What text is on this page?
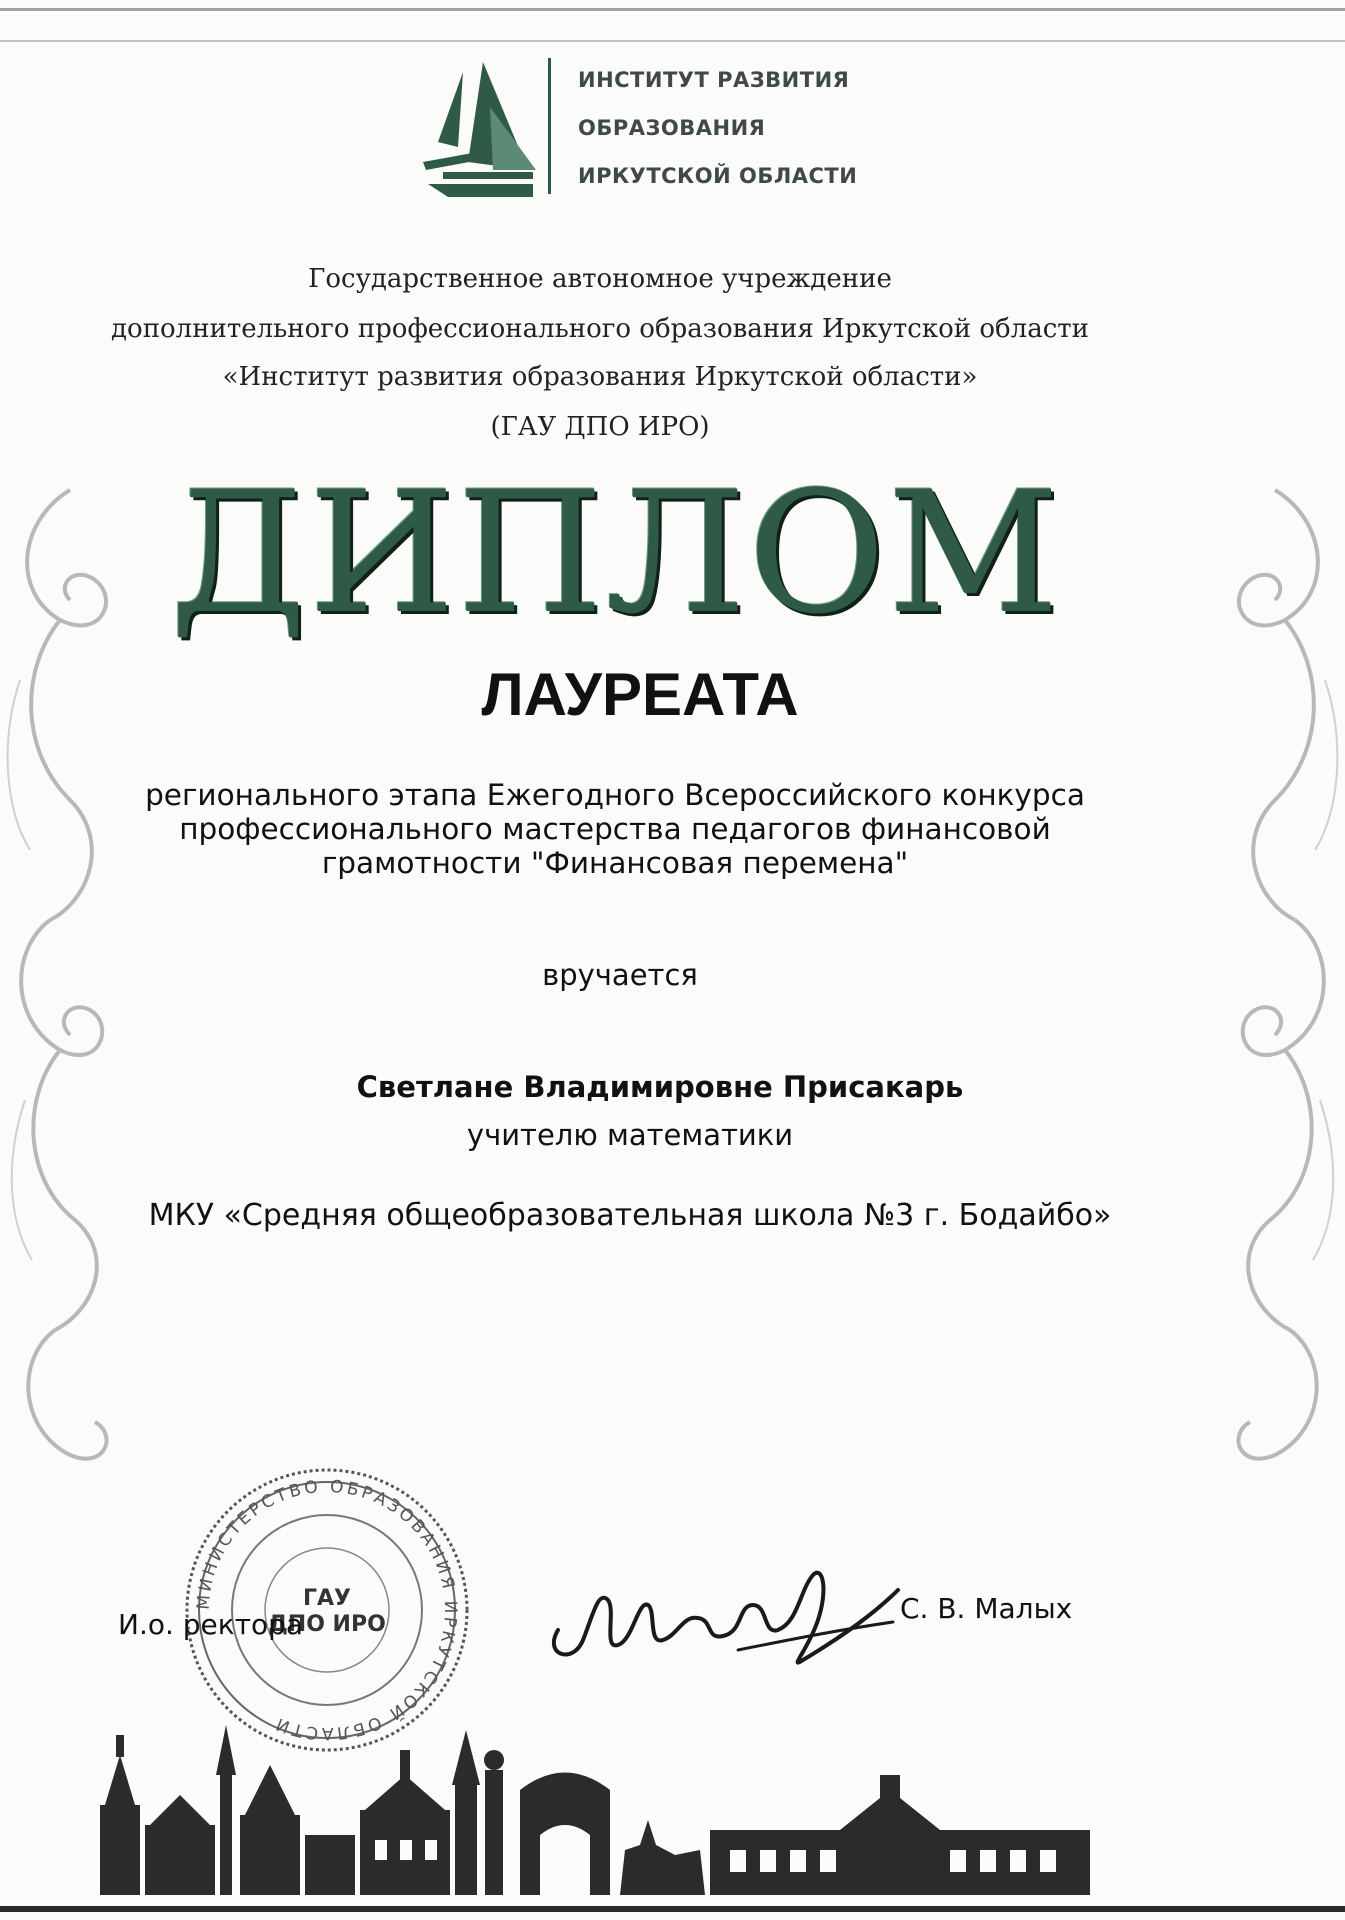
ИНСТИТУТ РАЗВИТИЯ
ОБРАЗОВАНИЯ
ИРКУТСКОЙ ОБЛАСТИ
Государственное автономное учреждение
дополнительного профессионального образования Иркутской области
«Институт развития образования Иркутской области»
(ГАУ ДПО ИРО)
ДИПЛОМ
ЛАУРЕАТА
регионального этапа Ежегодного Всероссийского конкурса
профессионального мастерства педагогов финансовой
грамотности "Финансовая перемена"
вручается
Светлане Владимировне Присакарь
учителю математики
МКУ «Средняя общеобразовательная школа №3 г. Бодайбо»
МИНИСТЕРСТВО ОБРАЗОВАНИЯ ИРКУТСКОЙ ОБЛАСТИ
ГАУ
ДПО ИРО
И.о. ректора	С. В. Малых
